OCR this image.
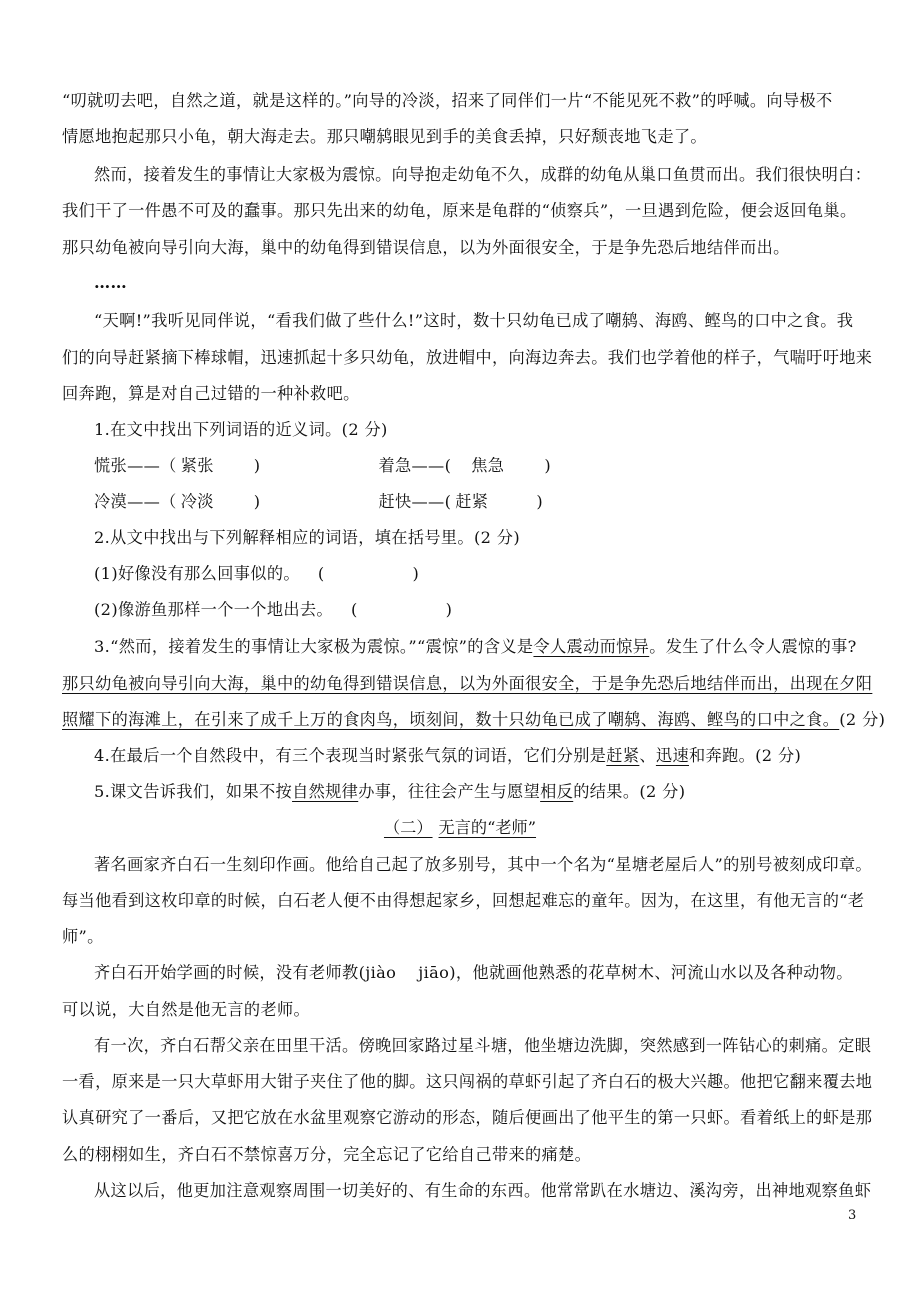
“叨就叨去吧，自然之道，就是这样的。”向导的冷淡，招来了同伴们一片“不能见死不救”的呼喊。向导极不
情愿地抱起那只小龟，朝大海走去。那只嘲鸫眼见到手的美食丢掉，只好颓丧地飞走了。
然而，接着发生的事情让大家极为震惊。向导抱走幼龟不久，成群的幼龟从巢口鱼贯而出。我们很快明白：
我们干了一件愚不可及的蠢事。那只先出来的幼龟，原来是龟群的“侦察兵”，一旦遇到危险，便会返回龟巢。
那只幼龟被向导引向大海，巢中的幼龟得到错误信息，以为外面很安全，于是争先恐后地结伴而出。
……
“天啊!”我听见同伴说，“看我们做了些什么!”这时，数十只幼龟已成了嘲鸫、海鸥、鲣鸟的口中之食。我
们的向导赶紧摘下棒球帽，迅速抓起十多只幼龟，放进帽中，向海边奔去。我们也学着他的样子，气喘吁吁地来
回奔跑，算是对自己过错的一种补救吧。
1.在文中找出下列词语的近义词。(2 分)
慌张——（ 紧张 )	着急——( 焦急 )
冷漠——（ 冷淡 )	赶快——( 赶紧	)
2.从文中找出与下列解释相应的词语，填在括号里。(2 分)
(1)好像没有那么回事似的。 (                )
(2)像游鱼那样一个一个地出去。 (                )
3.“然而，接着发生的事情让大家极为震惊。”“震惊”的含义是令人震动而惊异。发生了什么令人震惊的事?
那只幼龟被向导引向大海，巢中的幼龟得到错误信息，以为外面很安全，于是争先恐后地结伴而出，出现在夕阳
照耀下的海滩上，在引来了成千上万的食肉鸟，顷刻间，数十只幼龟已成了嘲鸫、海鸥、鲣鸟的口中之食。(2 分)
4.在最后一个自然段中，有三个表现当时紧张气氛的词语，它们分别是赶紧、迅速和奔跑。(2 分)
5.课文告诉我们，如果不按自然规律办事，往往会产生与愿望相反的结果。(2 分)
（二） 无言的“老师”
著名画家齐白石一生刻印作画。他给自己起了放多别号，其中一个名为“星塘老屋后人”的别号被刻成印章。
每当他看到这枚印章的时候，白石老人便不由得想起家乡，回想起难忘的童年。因为，在这里，有他无言的“老
师”。
齐白石开始学画的时候，没有老师教(jiào    jiāo)，他就画他熟悉的花草树木、河流山水以及各种动物。
可以说，大自然是他无言的老师。
有一次，齐白石帮父亲在田里干活。傍晚回家路过星斗塘，他坐塘边洗脚，突然感到一阵钻心的刺痛。定眼
一看，原来是一只大草虾用大钳子夹住了他的脚。这只闯祸的草虾引起了齐白石的极大兴趣。他把它翻来覆去地
认真研究了一番后，又把它放在水盆里观察它游动的形态，随后便画出了他平生的第一只虾。看着纸上的虾是那
么的栩栩如生，齐白石不禁惊喜万分，完全忘记了它给自己带来的痛楚。
从这以后，他更加注意观察周围一切美好的、有生命的东西。他常常趴在水塘边、溪沟旁，出神地观察鱼虾
3
